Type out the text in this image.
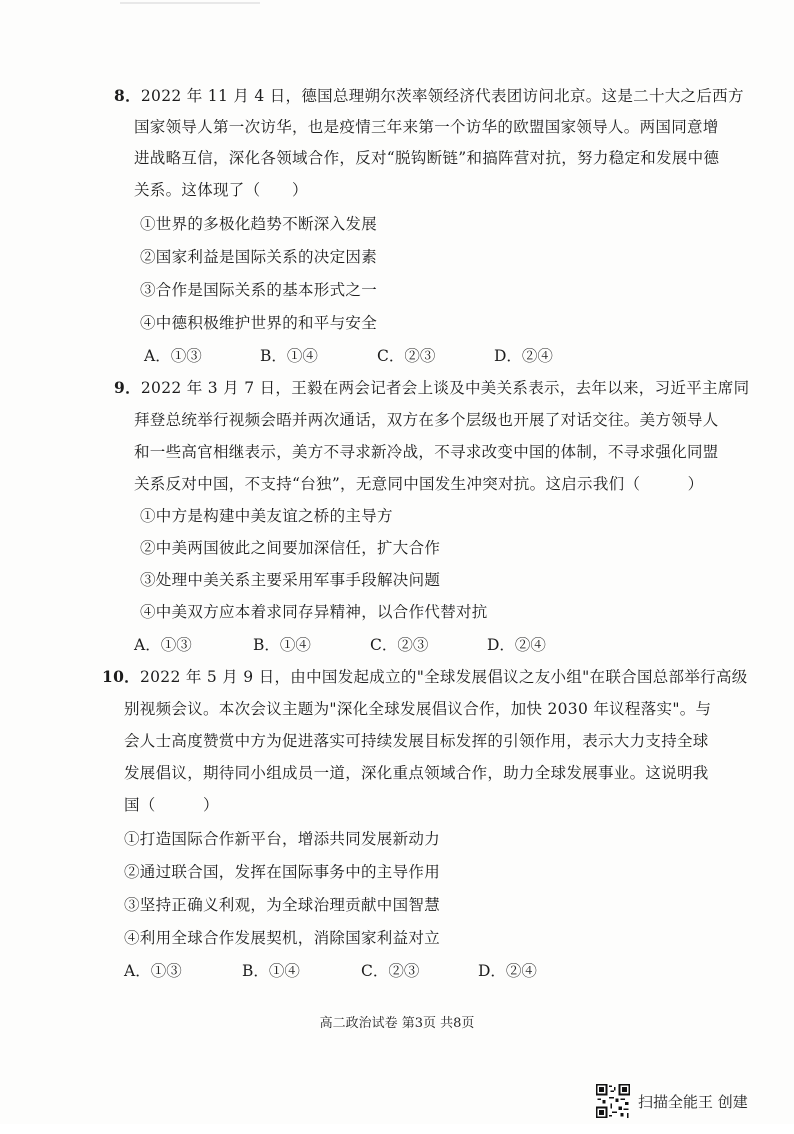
8．2022 年 11 月 4 日，德国总理朔尔茨率领经济代表团访问北京。这是二十大之后西方
国家领导人第一次访华，也是疫情三年来第一个访华的欧盟国家领导人。两国同意增
进战略互信，深化各领域合作，反对“脱钩断链”和搞阵营对抗，努力稳定和发展中德
关系。这体现了（　　）
①世界的多极化趋势不断深入发展
②国家利益是国际关系的决定因素
③合作是国际关系的基本形式之一
④中德积极维护世界的和平与安全
A．①③	B．①④	C．②③	D．②④
9．2022 年 3 月 7 日，王毅在两会记者会上谈及中美关系表示，去年以来，习近平主席同
拜登总统举行视频会晤并两次通话，双方在多个层级也开展了对话交往。美方领导人
和一些高官相继表示，美方不寻求新冷战，不寻求改变中国的体制，不寻求强化同盟
关系反对中国，不支持“台独”，无意同中国发生冲突对抗。这启示我们（　　　）
①中方是构建中美友谊之桥的主导方
②中美两国彼此之间要加深信任，扩大合作
③处理中美关系主要采用军事手段解决问题
④中美双方应本着求同存异精神，以合作代替对抗
A．①③	B．①④	C．②③	D．②④
10．2022 年 5 月 9 日，由中国发起成立的"全球发展倡议之友小组"在联合国总部举行高级
别视频会议。本次会议主题为"深化全球发展倡议合作，加快 2030 年议程落实"。与
会人士高度赞赏中方为促进落实可持续发展目标发挥的引领作用，表示大力支持全球
发展倡议，期待同小组成员一道，深化重点领域合作，助力全球发展事业。这说明我
国（　　　）
①打造国际合作新平台，增添共同发展新动力
②通过联合国，发挥在国际事务中的主导作用
③坚持正确义利观，为全球治理贡献中国智慧
④利用全球合作发展契机，消除国家利益对立
A．①③	B．①④	C．②③	D．②④
高二政治试卷 第3页 共8页
扫描全能王 创建
